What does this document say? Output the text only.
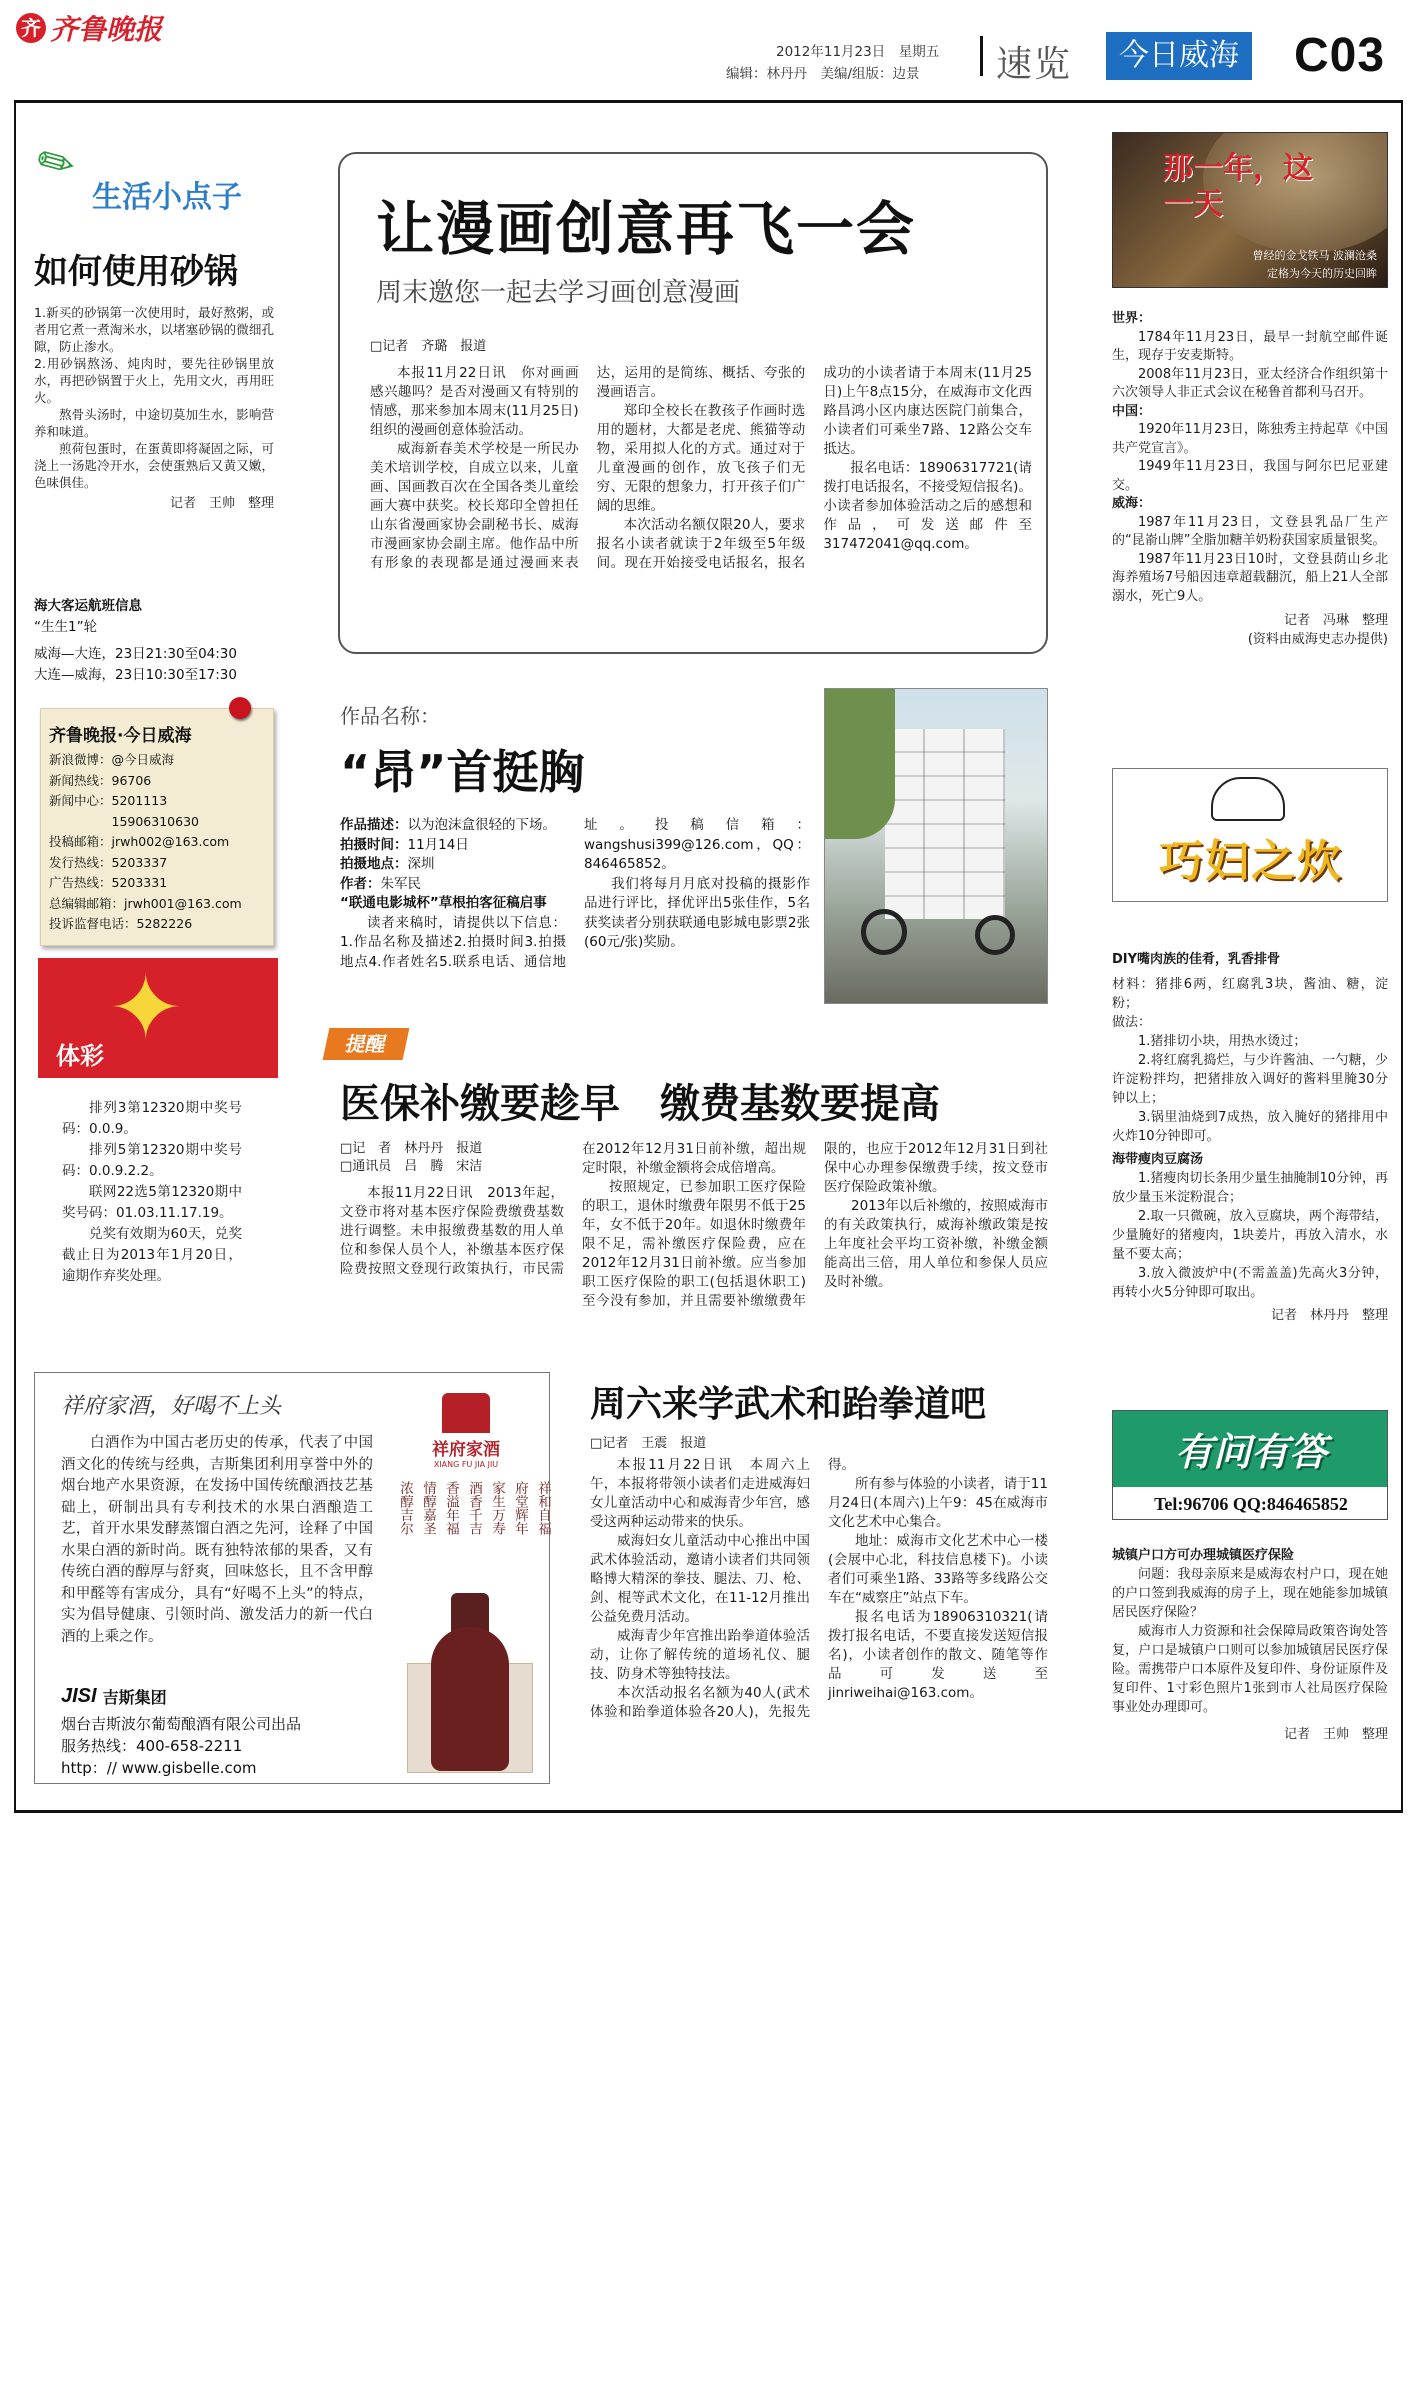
齐 齐鲁晚报
2012年11月23日　 星期五
编辑：林丹丹　美编/组版：边景 速览	今日威海 C03
✎
生活小点子
如何使用砂锅

1.新买的砂锅第一次使用时，最好熬粥，或者用它煮一煮淘米水，以堵塞砂锅的微细孔隙，防止渗水。

2.用砂锅熬汤、炖肉时，要先往砂锅里放水，再把砂锅置于火上，先用文火，再用旺火。

熬骨头汤时，中途切莫加生水，影响营养和味道。

煎荷包蛋时，在蛋黄即将凝固之际，可浇上一汤匙冷开水，会使蛋熟后又黄又嫩，色味俱佳。

记者　王帅　整理
海大客运航班信息
“生生1”轮
威海—大连，23日21:30至04:30
大连—威海，23日10:30至17:30
齐鲁晚报·今日威海
新浪微博：@今日威海
新闻热线：96706
新闻中心：5201113
　　　　　15906310630
投稿邮箱：jrwh002@163.com
发行热线：5203337
广告热线：5203331
总编辑邮箱：jrwh001@163.com
投诉监督电话：5282226
✦
体彩

排列3第12320期中奖号码：0.0.9。

排列5第12320期中奖号码：0.0.9.2.2。

联网22选5第12320期中奖号码：01.03.11.17.19。

兑奖有效期为60天，兑奖截止日为2013年1月20日，逾期作弃奖处理。

让漫画创意再飞一会
周末邀您一起去学习画创意漫画
□记者　齐璐　报道

本报11月22日讯　你对画画感兴趣吗？是否对漫画又有特别的情感，那来参加本周末(11月25日)组织的漫画创意体验活动。

威海新春美术学校是一所民办美术培训学校，自成立以来，儿童画、国画教百次在全国各类儿童绘画大赛中获奖。校长郑印全曾担任山东省漫画家协会副秘书长、威海市漫画家协会副主席。他作品中所有形象的表现都是通过漫画来表达，运用的是简练、概括、夸张的漫画语言。

郑印全校长在教孩子作画时选用的题材，大都是老虎、熊猫等动物，采用拟人化的方式。通过对于儿童漫画的创作，放飞孩子们无穷、无限的想象力，打开孩子们广阔的思维。

本次活动名额仅限20人，要求报名小读者就读于2年级至5年级间。现在开始接受电话报名，报名成功的小读者请于本周末(11月25日)上午8点15分，在威海市文化西路昌鸿小区内康达医院门前集合，小读者们可乘坐7路、12路公交车抵达。

报名电话：18906317721(请拨打电话报名，不接受短信报名)。小读者参加体验活动之后的感想和作品，可发送邮件至317472041@qq.com。

作品名称：
“昂”首挺胸
作品描述：以为泡沫盒很轻的下场。
拍摄时间：11月14日
拍摄地点：深圳
作者：朱军民
“联通电影城杯”草根拍客征稿启事

读者来稿时，请提供以下信息：1.作品名称及描述2.拍摄时间3.拍摄地点4.作者姓名5.联系电话、通信地址。投稿信箱：wangshusi399@126.com，QQ：846465852。

我们将每月月底对投稿的摄影作品进行评比，择优评出5张佳作，5名获奖读者分别获联通电影城电影票2张(60元/张)奖励。

提醒
医保补缴要趁早　缴费基数要提高
□记　者　林丹丹　报道
□通讯员　吕　腾　宋洁

本报11月22日讯　2013年起，文登市将对基本医疗保险费缴费基数进行调整。未申报缴费基数的用人单位和参保人员个人，补缴基本医疗保险费按照文登现行政策执行，市民需在2012年12月31日前补缴，超出规定时限，补缴金额将会成倍增高。

按照规定，已参加职工医疗保险的职工，退休时缴费年限男不低于25年，女不低于20年。如退休时缴费年限不足，需补缴医疗保险费，应在2012年12月31日前补缴。应当参加职工医疗保险的职工(包括退休职工)至今没有参加，并且需要补缴缴费年限的，也应于2012年12月31日到社保中心办理参保缴费手续，按文登市医疗保险政策补缴。

2013年以后补缴的，按照威海市的有关政策执行，威海补缴政策是按上年度社会平均工资补缴，补缴金额能高出三倍，用人单位和参保人员应及时补缴。

周六来学武术和跆拳道吧
□记者　王震　报道

本报11月22日讯　本周六上午，本报将带领小读者们走进威海妇女儿童活动中心和威海青少年宫，感受这两种运动带来的快乐。

威海妇女儿童活动中心推出中国武术体验活动，邀请小读者们共同领略博大精深的拳技、腿法、刀、枪、剑、棍等武术文化，在11-12月推出公益免费月活动。

威海青少年宫推出跆拳道体验活动，让你了解传统的道场礼仪、腿技、防身术等独特技法。

本次活动报名名额为40人(武术体验和跆拳道体验各20人)，先报先得。

所有参与体验的小读者，请于11月24日(本周六)上午9：45在威海市文化艺术中心集合。

地址：威海市文化艺术中心一楼(会展中心北，科技信息楼下)。小读者们可乘坐1路、33路等多线路公交车在“威察庄”站点下车。

报名电话为18906310321(请拨打报名电话，不要直接发送短信报名)，小读者创作的散文、随笔等作品可发送至jinriweihai@163.com。

祥府家酒，好喝不上头
白酒作为中国古老历史的传承，代表了中国酒文化的传统与经典，吉斯集团利用享誉中外的烟台地产水果资源，在发扬中国传统酿酒技艺基础上，研制出具有专利技术的水果白酒酿造工艺，首开水果发酵蒸馏白酒之先河，诠释了中国水果白酒的新时尚。既有独特浓郁的果香，又有传统白酒的醇厚与舒爽，回味悠长，且不含甲醇和甲醛等有害成分，具有“好喝不上头”的特点，实为倡导健康、引领时尚、激发活力的新一代白酒的上乘之作。
JISI 吉斯集团
烟台吉斯波尔葡萄酿酒有限公司出品
服务热线：400-658-2211
http：// www.gisbelle.com
祥府家酒
XIANG FU JIA JIU
祥和自福
府堂辉年
家生万寿
酒香千吉
香溢年福
情醇嘉圣
浓醇吉尔
那一年，这一天
曾经的金戈铁马 波澜沧桑
定格为今天的历史回眸
世界：

1784年11月23日，最早一封航空邮件诞生，现存于安麦斯特。

2008年11月23日，亚太经济合作组织第十六次领导人非正式会议在秘鲁首都利马召开。

中国：

1920年11月23日，陈独秀主持起草《中国共产党宣言》。

1949年11月23日，我国与阿尔巴尼亚建交。

威海：

1987年11月23日，文登县乳品厂生产的“昆嵛山牌”全脂加糖羊奶粉获国家质量银奖。

1987年11月23日10时，文登县荫山乡北海养殖场7号船因违章超载翻沉，船上21人全部溺水，死亡9人。

记者　冯琳　整理
(资料由威海史志办提供)
巧妇之炊
DIY嘴肉族的佳肴，乳香排骨
材料：猪排6两，红腐乳3块，酱油、糖，淀粉；
做法：

1.猪排切小块，用热水烫过；

2.将红腐乳捣烂，与少许酱油、一勺糖，少许淀粉拌均，把猪排放入调好的酱料里腌30分钟以上；

3.锅里油烧到7成热，放入腌好的猪排用中火炸10分钟即可。

海带瘦肉豆腐汤

1.猪瘦肉切长条用少量生抽腌制10分钟，再放少量玉米淀粉混合；

2.取一只微碗，放入豆腐块，两个海带结，少量腌好的猪瘦肉，1块姜片，再放入清水，水量不要太高；

3.放入微波炉中(不需盖盖)先高火3分钟，再转小火5分钟即可取出。

记者　林丹丹　整理
有问有答
Tel:96706 QQ:846465852
城镇户口方可办理城镇医疗保险

问题：我母亲原来是威海农村户口，现在她的户口签到我威海的房子上，现在她能参加城镇居民医疗保险？

威海市人力资源和社会保障局政策咨询处答复，户口是城镇户口则可以参加城镇居民医疗保险。需携带户口本原件及复印件、身份证原件及复印件、1寸彩色照片1张到市人社局医疗保险事业处办理即可。

记者　王帅　整理
